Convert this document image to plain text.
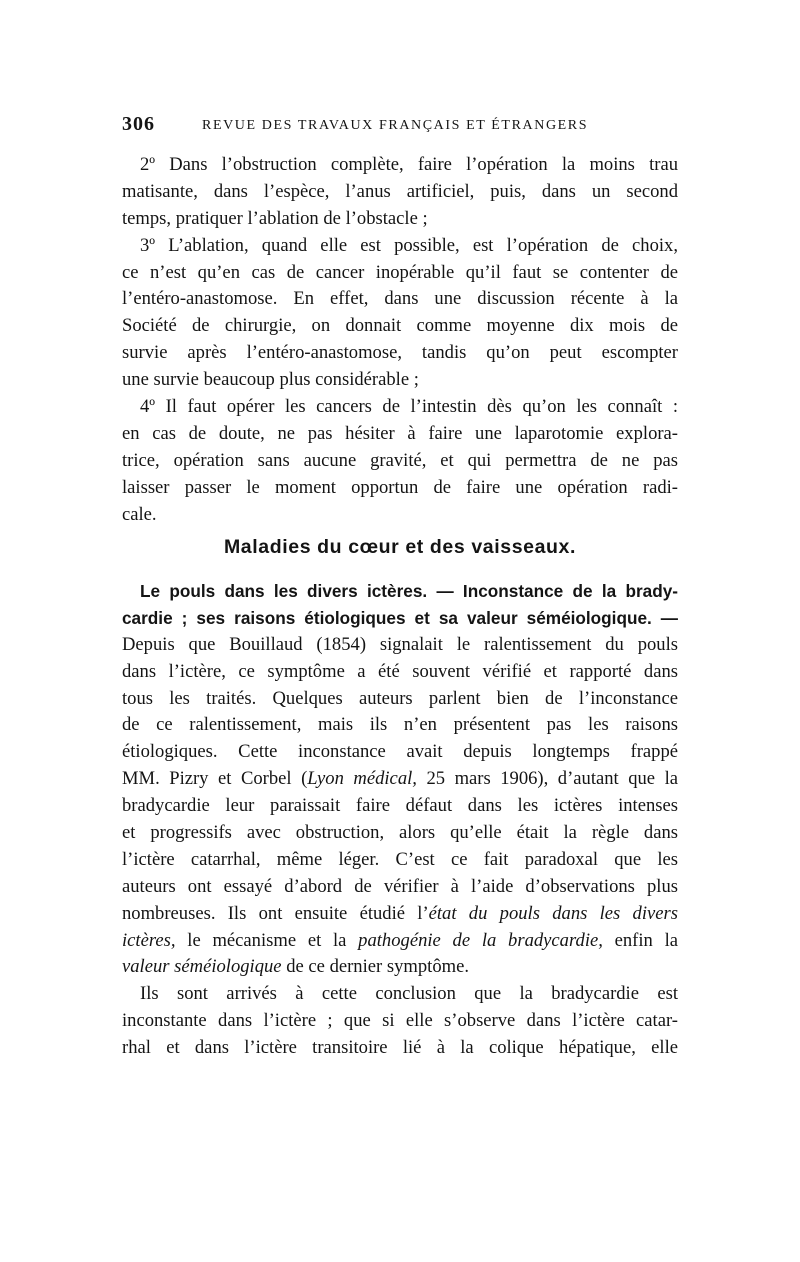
306	REVUE DES TRAVAUX FRANÇAIS ET ÉTRANGERS
2º Dans l’obstruction complète, faire l’opération la moins trau
matisante, dans l’espèce, l’anus artificiel, puis, dans un second
temps, pratiquer l’ablation de l’obstacle ;
3º L’ablation, quand elle est possible, est l’opération de choix,
ce n’est qu’en cas de cancer inopérable qu’il faut se contenter de
l’entéro-anastomose. En effet, dans une discussion récente à la
Société de chirurgie, on donnait comme moyenne dix mois de
survie après l’entéro-anastomose, tandis qu’on peut escompter
une survie beaucoup plus considérable ;
4º Il faut opérer les cancers de l’intestin dès qu’on les connaît :
en cas de doute, ne pas hésiter à faire une laparotomie explora-
trice, opération sans aucune gravité, et qui permettra de ne pas
laisser passer le moment opportun de faire une opération radi-
cale.
Maladies du cœur et des vaisseaux.
Le pouls dans les divers ictères. — Inconstance de la brady-
cardie ; ses raisons étiologiques et sa valeur séméiologique. —
Depuis que Bouillaud (1854) signalait le ralentissement du pouls
dans l’ictère, ce symptôme a été souvent vérifié et rapporté dans
tous les traités. Quelques auteurs parlent bien de l’inconstance
de ce ralentissement, mais ils n’en présentent pas les raisons
étiologiques. Cette inconstance avait depuis longtemps frappé
MM. Pizry et Corbel (Lyon médical, 25 mars 1906), d’autant que la
bradycardie leur paraissait faire défaut dans les ictères intenses
et progressifs avec obstruction, alors qu’elle était la règle dans
l’ictère catarrhal, même léger. C’est ce fait paradoxal que les
auteurs ont essayé d’abord de vérifier à l’aide d’observations plus
nombreuses. Ils ont ensuite étudié l’état du pouls dans les divers
ictères, le mécanisme et la pathogénie de la bradycardie, enfin la
valeur séméiologique de ce dernier symptôme.
Ils sont arrivés à cette conclusion que la bradycardie est
inconstante dans l’ictère ; que si elle s’observe dans l’ictère catar-
rhal et dans l’ictère transitoire lié à la colique hépatique, elle
